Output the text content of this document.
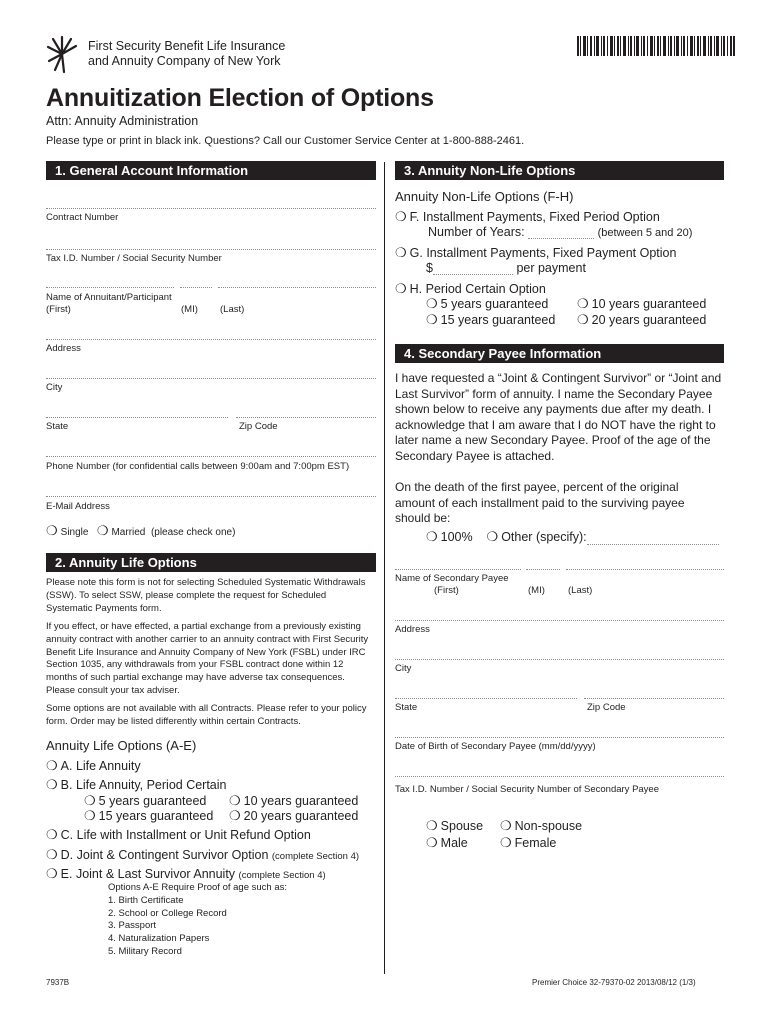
First Security Benefit Life Insurance
and Annuity Company of New York
Annuitization Election of Options
Attn: Annuity Administration
Please type or print in black ink. Questions? Call our Customer Service Center at 1-800-888-2461.
1. General Account Information
Contract Number
Tax I.D. Number / Social Security Number
Name of Annuitant/Participant
(First)	(MI) (Last)
Address
City
State	Zip Code
Phone Number (for confidential calls between 9:00am and 7:00pm EST)
E-Mail Address
❍ Single ❍ Married (please check one)
2. Annuity Life Options
Please note this form is not for selecting Scheduled Systematic Withdrawals (SSW). To select SSW, please complete the request for Scheduled Systematic Payments form.
If you effect, or have effected, a partial exchange from a previously existing annuity contract with another carrier to an annuity contract with First Security Benefit Life Insurance and Annuity Company of New York (FSBL) under IRC Section 1035, any withdrawals from your FSBL contract done within 12 months of such partial exchange may have adverse tax consequences. Please consult your tax adviser.
Some options are not available with all Contracts. Please refer to your policy form. Order may be listed differently within certain Contracts.
Annuity Life Options (A-E)
❍ A. Life Annuity
❍ B. Life Annuity, Period Certain
❍ 5 years guaranteed ❍ 10 years guaranteed
❍ 15 years guaranteed ❍ 20 years guaranteed
❍ C. Life with Installment or Unit Refund Option
❍ D. Joint & Contingent Survivor Option (complete Section 4)
❍ E. Joint & Last Survivor Annuity (complete Section 4)
Options A-E Require Proof of age such as:
1. Birth Certificate
2. School or College Record
3. Passport
4. Naturalization Papers
5. Military Record
3. Annuity Non-Life Options
Annuity Non-Life Options (F-H)
❍ F. Installment Payments, Fixed Period Option
Number of Years:	(between 5 and 20)
❍ G. Installment Payments, Fixed Payment Option
$	per payment
❍ H. Period Certain Option
❍ 5 years guaranteed ❍ 10 years guaranteed
❍ 15 years guaranteed ❍ 20 years guaranteed
4. Secondary Payee Information
I have requested a “Joint & Contingent Survivor” or “Joint and Last Survivor” form of annuity. I name the Secondary Payee shown below to receive any payments due after my death. I acknowledge that I am aware that I do NOT have the right to later name a new Secondary Payee. Proof of the age of the Secondary Payee is attached.
On the death of the first payee, percent of the original amount of each installment paid to the surviving payee should be:
❍ 100% ❍ Other (specify):
Name of Secondary Payee
(First)	(MI) (Last)
Address
City
State	Zip Code
Date of Birth of Secondary Payee (mm/dd/yyyy)
Tax I.D. Number / Social Security Number of Secondary Payee
❍ Spouse ❍ Non-spouse
❍ Male ❍ Female
7937B	Premier Choice 32-79370-02 2013/08/12 (1/3)
